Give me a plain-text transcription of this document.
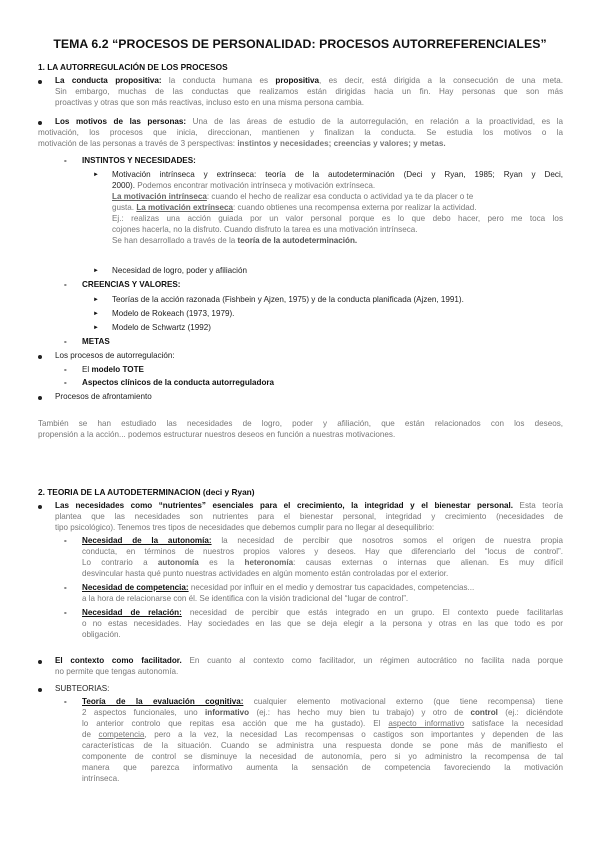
TEMA 6.2 “PROCESOS DE PERSONALIDAD: PROCESOS AUTORREFERENCIALES”
1. LA AUTORREGULACIÓN DE LOS PROCESOS
La conducta propositiva: la conducta humana es propositiva, es decir, está dirigida a la consecución de una meta.
Sin embargo, muchas de las conductas que realizamos están dirigidas hacia un fin. Hay personas que son más
proactivas y otras que son más reactivas, incluso esto en una misma persona cambia.
Los motivos de las personas: Una de las áreas de estudio de la autorregulación, en relación a la proactividad, es la
motivación, los procesos que inicia, direccionan, mantienen y finalizan la conducta. Se estudia los motivos o la
motivación de las personas a través de 3 perspectivas: instintos y necesidades; creencias y valores; y metas.
- INSTINTOS Y NECESIDADES:
► Motivación intrínseca y extrínseca: teoría de la autodeterminación (Deci y Ryan, 1985; Ryan y Deci,
2000). Podemos encontrar motivación intrínseca y motivación extrínseca.
La motivación intrínseca: cuando el hecho de realizar esa conducta o actividad ya te da placer o te
gusta. La motivación extrínseca: cuando obtienes una recompensa externa por realizar la actividad.
Ej.: realizas una acción guiada por un valor personal porque es lo que debo hacer, pero me toca los
cojones hacerla, no la disfruto. Cuando disfruto la tarea es una motivación intrínseca.
Se han desarrollado a través de la teoría de la autodeterminación.
► Necesidad de logro, poder y afiliación
- CREENCIAS Y VALORES:
► Teorías de la acción razonada (Fishbein y Ajzen, 1975) y de la conducta planificada (Ajzen, 1991).
► Modelo de Rokeach (1973, 1979).
► Modelo de Schwartz (1992)
- METAS
Los procesos de autorregulación:
- El modelo TOTE
- Aspectos clínicos de la conducta autorreguladora
Procesos de afrontamiento
También se han estudiado las necesidades de logro, poder y afiliación, que están relacionados con los deseos,
propensión a la acción... podemos estructurar nuestros deseos en función a nuestras motivaciones.
2. TEORIA DE LA AUTODETERMINACION (deci y Ryan)
Las necesidades como “nutrientes” esenciales para el crecimiento, la integridad y el bienestar personal. Esta teoría
plantea que las necesidades son nutrientes para el bienestar personal, integridad y crecimiento (necesidades de
tipo psicológico). Tenemos tres tipos de necesidades que debemos cumplir para no llegar al desequilibrio:
- Necesidad de la autonomía: la necesidad de percibir que nosotros somos el origen de nuestra propia
conducta, en términos de nuestros propios valores y deseos. Hay que diferenciarlo del “locus de control”.
Lo contrario a autonomía es la heteronomía: causas externas o internas que alienan. Es muy difícil
desvincular hasta qué punto nuestras actividades en algún momento están controladas por el exterior.
- Necesidad de competencia: necesidad por influir en el medio y demostrar tus capacidades, competencias...
a la hora de relacionarse con él. Se identifica con la visión tradicional del “lugar de control”.
- Necesidad de relación: necesidad de percibir que estás integrado en un grupo. El contexto puede facilitarlas
o no estas necesidades. Hay sociedades en las que se deja elegir a la persona y otras en las que todo es por
obligación.
El contexto como facilitador. En cuanto al contexto como facilitador, un régimen autocrático no facilita nada porque
no permite que tengas autonomía.
SUBTEORIAS:
- Teoría de la evaluación cognitiva: cualquier elemento motivacional externo (que tiene recompensa) tiene
2 aspectos funcionales, uno informativo (ej.: has hecho muy bien tu trabajo) y otro de control (ej.: diciéndote
lo anterior controlo que repitas esa acción que me ha gustado). El aspecto informativo satisface la necesidad
de competencia, pero a la vez, la necesidad Las recompensas o castigos son importantes y dependen de las
características de la situación. Cuando se administra una respuesta donde se pone más de manifiesto el
componente de control se disminuye la necesidad de autonomía, pero si yo administro la recompensa de tal
manera que parezca informativo aumenta la sensación de competencia favoreciendo la motivación
intrínseca.
